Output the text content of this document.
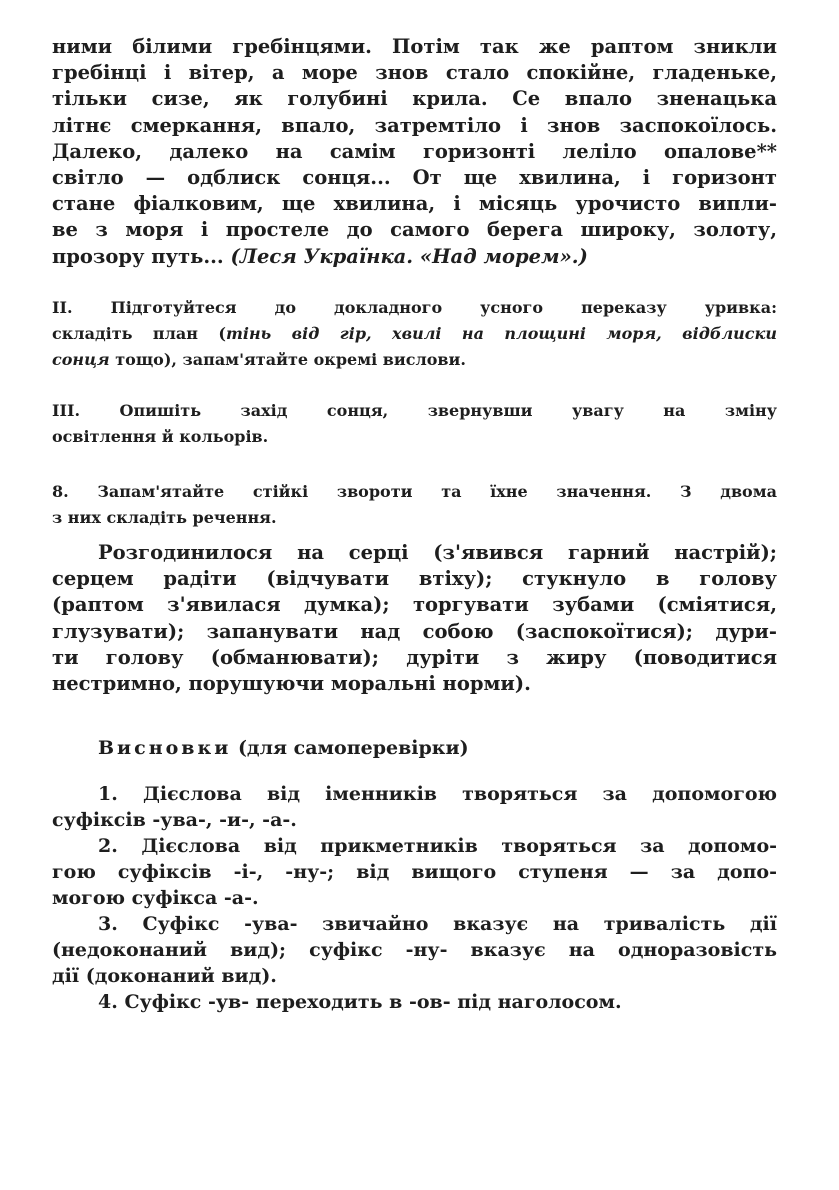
ними білими гребінцями. Потім так же раптом зникли
гребінці і вітер, а море знов стало спокійне, гладеньке,
тільки сизе, як голубині крила. Се впало зненацька
літнє смеркання, впало, затремтіло і знов заспокоїлось.
Далеко, далеко на самім горизонті леліло опалове**
світло — одблиск сонця... От ще хвилина, і горизонт
стане фіалковим, ще хвилина, і місяць урочисто випли-
ве з моря і простеле до самого берега широку, золоту,
прозору путь... (Леся Українка. «Над морем».)
II. Підготуйтеся до докладного усного переказу уривка:
складіть план (тінь від гір, хвилі на площині моря, відблиски
сонця тощо), запам'ятайте окремі вислови.
III. Опишіть захід сонця, звернувши увагу на зміну
освітлення й кольорів.
8. Запам'ятайте стійкі звороти та їхне значення. З двома
з них складіть речення.
Розгодинилося на серці (з'явився гарний настрій);
серцем радіти (відчувати втіху); стукнуло в голову
(раптом з'явилася думка); торгувати зубами (сміятися,
глузувати); запанувати над собою (заспокоїтися); дури-
ти голову (обманювати); дуріти з жиру (поводитися
нестримно, порушуючи моральні норми).
Висновки (для самоперевірки)
1. Дієслова від іменників творяться за допомогою
суфіксів -ува-, -и-, -а-.
2. Дієслова від прикметників творяться за допомо-
гою суфіксів -і-, -ну-; від вищого ступеня — за допо-
могою суфікса -а-.
3. Суфікс -ува- звичайно вказує на тривалість дії
(недоконаний вид); суфікс -ну- вказує на одноразовість
дії (доконаний вид).
4. Суфікс -ув- переходить в -ов- під наголосом.
